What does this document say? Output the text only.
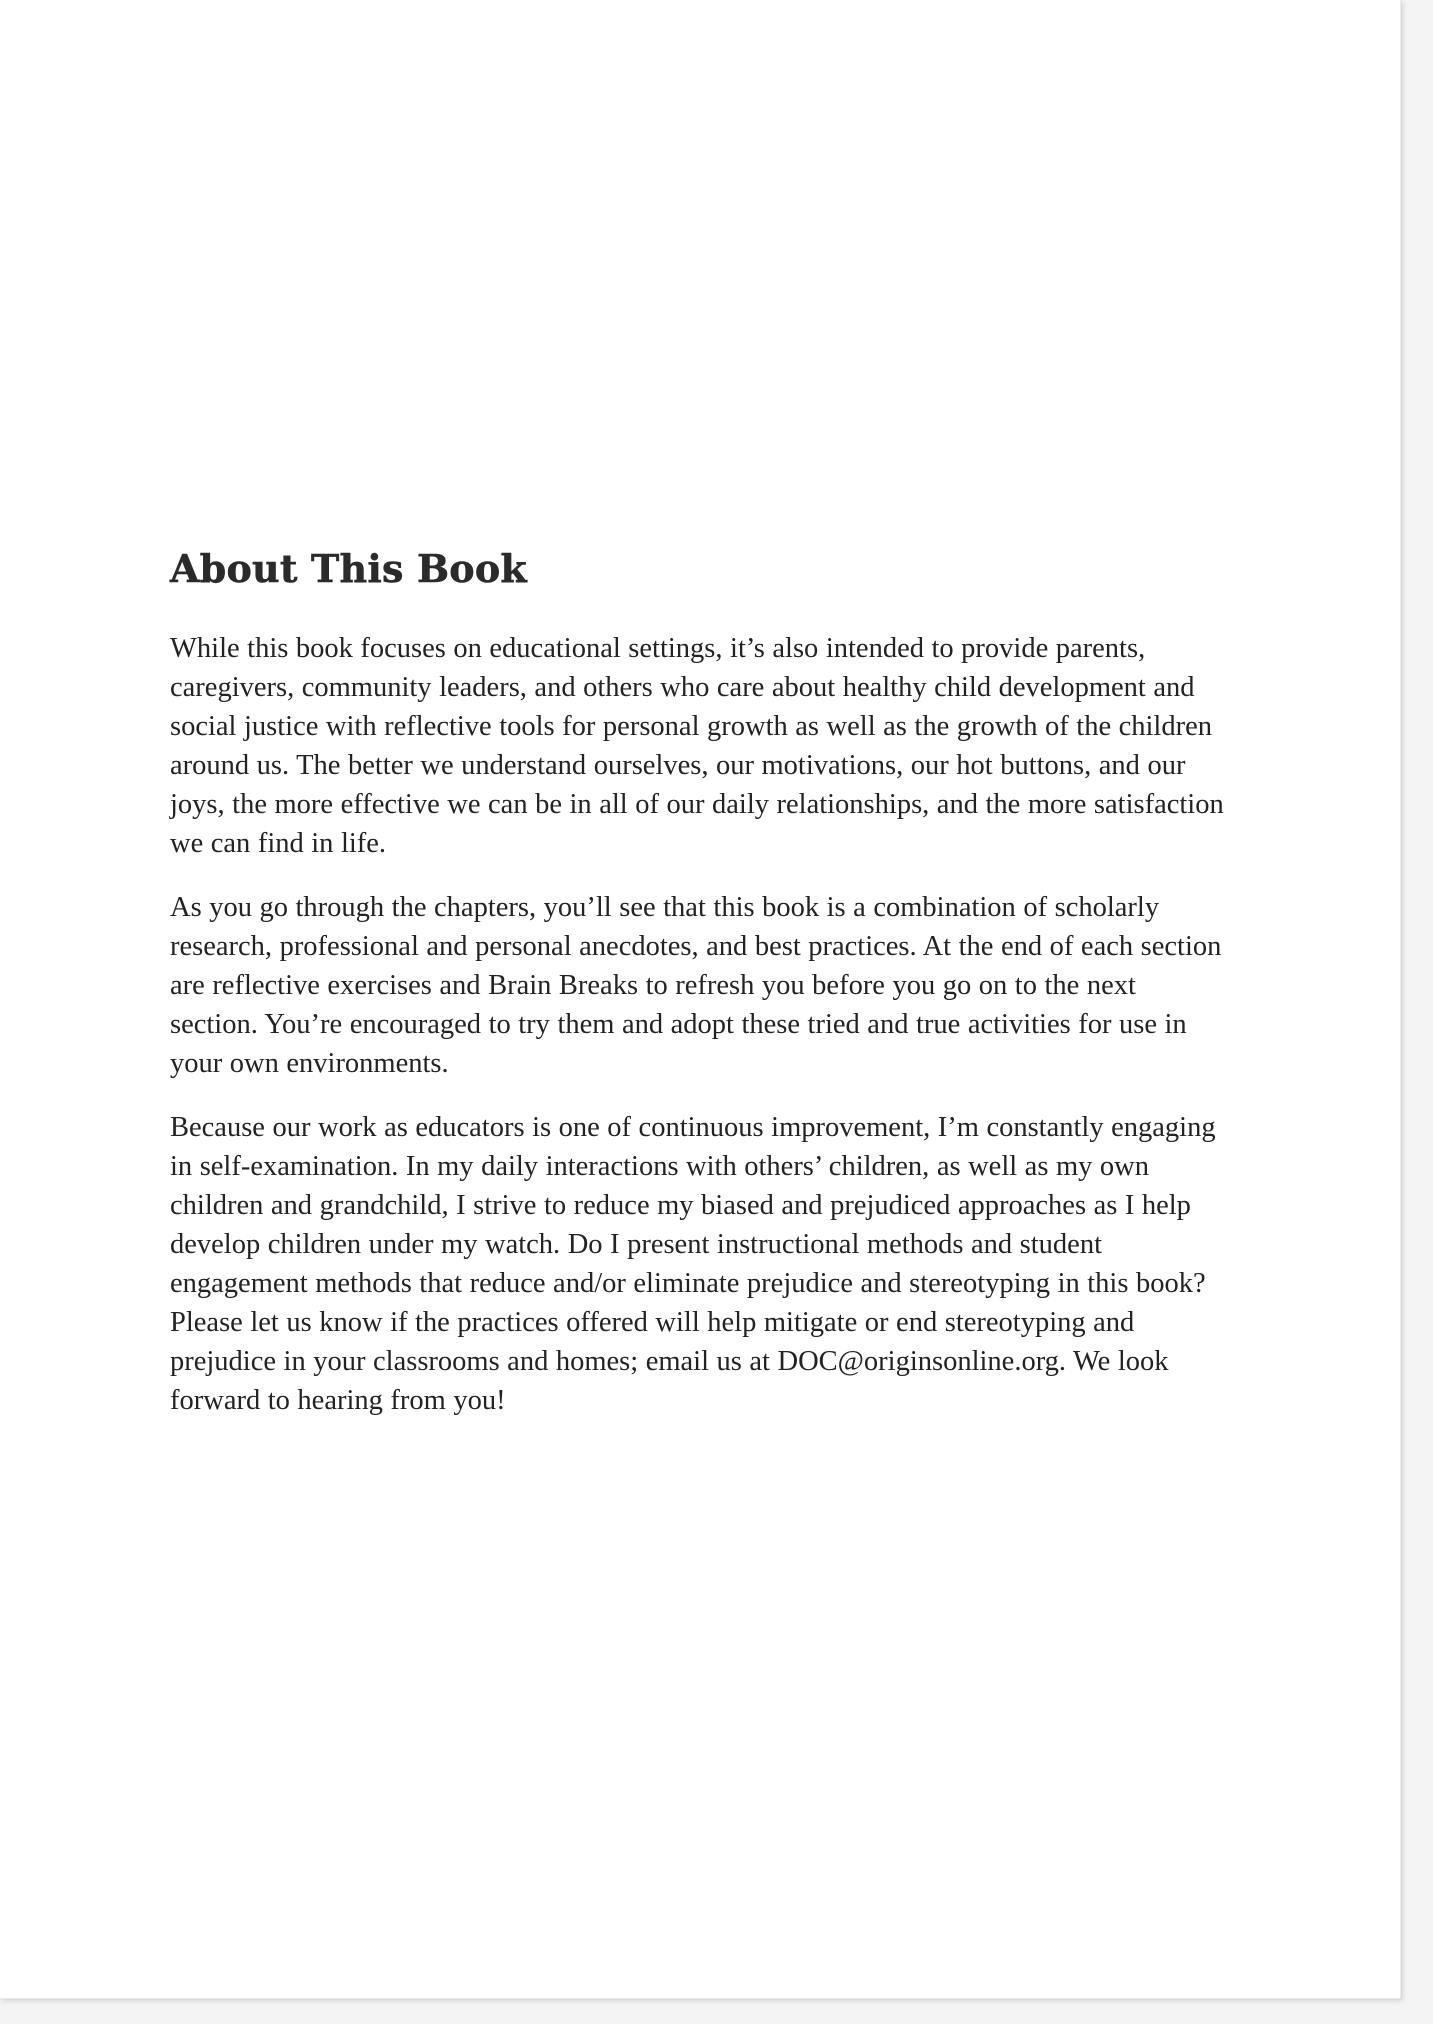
About This Book

While this book focuses on educational settings, it’s also intended to provide parents, caregivers, community leaders, and others who care about healthy child development and social justice with reflective tools for personal growth as well as the growth of the children around us. The better we understand ourselves, our motivations, our hot buttons, and our joys, the more effective we can be in all of our daily relationships, and the more satisfaction we can find in life.

As you go through the chapters, you’ll see that this book is a combination of scholarly research, professional and personal anecdotes, and best practices. At the end of each section are reflective exercises and Brain Breaks to refresh you before you go on to the next section. You’re encouraged to try them and adopt these tried and true activities for use in your own environments.

Because our work as educators is one of continuous improvement, I’m constantly engaging in self-examination. In my daily interactions with others’ children, as well as my own children and grandchild, I strive to reduce my biased and prejudiced approaches as I help develop children under my watch. Do I present instructional methods and student engagement methods that reduce and/or eliminate prejudice and stereotyping in this book? Please let us know if the practices offered will help mitigate or end stereotyping and prejudice in your classrooms and homes; email us at DOC@originsonline.org. We look forward to hearing from you!
